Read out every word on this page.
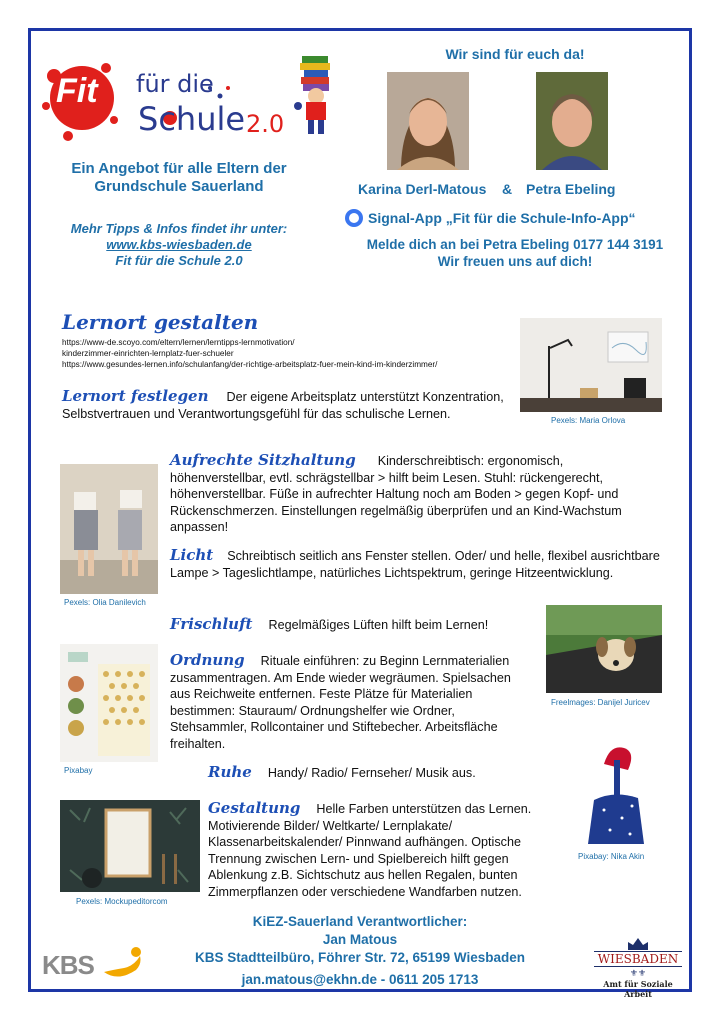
Fit für die
Schule 2.0
Ein Angebot für alle Eltern der
Grundschule Sauerland
Mehr Tipps & Infos findet ihr unter:
www.kbs-wiesbaden.de
Fit für die Schule 2.0
Wir sind für euch da!
Karina Derl-Matous & Petra Ebeling
Signal-App „Fit für die Schule-Info-App“
Melde dich an bei Petra Ebeling 0177 144 3191
Wir freuen uns auf dich!
Lernort gestalten
https://www-de.scoyo.com/eltern/lernen/lerntipps-lernmotivation/
kinderzimmer-einrichten-lernplatz-fuer-schueler
https://www.gesundes-lernen.info/schulanfang/der-richtige-arbeitsplatz-fuer-mein-kind-im-kinderzimmer/
Pexels: Maria Orlova
Lernort festlegen Der eigene Arbeitsplatz unterstützt Konzentration, Selbstvertrauen und Verantwortungsgefühl für das schulische Lernen.
Pexels: Olia Danilevich
Aufrechte Sitzhaltung Kinderschreibtisch: ergonomisch, höhenverstellbar, evtl. schrägstellbar > hilft beim Lesen. Stuhl: rückengerecht, höhenverstellbar. Füße in aufrechter Haltung noch am Boden > gegen Kopf- und Rückenschmerzen. Einstellungen regelmäßig überprüfen und an Kind-Wachstum anpassen!
Licht Schreibtisch seitlich ans Fenster stellen. Oder/ und helle, flexibel ausrichtbare Lampe > Tageslichtlampe, natürliches Lichtspektrum, geringe Hitzeentwicklung.
Frischluft Regelmäßiges Lüften hilft beim Lernen!
Freelmages: Danijel Juricev
Pixabay
Ordnung Rituale einführen: zu Beginn Lernmaterialien zusammentragen. Am Ende wieder wegräumen. Spielsachen aus Reichweite entfernen. Feste Plätze für Materialien bestimmen: Stauraum/ Ordnungshelfer wie Ordner, Stehsammler, Rollcontainer und Stiftebecher. Arbeitsfläche freihalten.
Ruhe Handy/ Radio/ Fernseher/ Musik aus.
Pixabay: Nika Akin
Pexels: Mockupeditorcom
Gestaltung Helle Farben unterstützen das Lernen. Motivierende Bilder/ Weltkarte/ Lernplakate/ Klassenarbeitskalender/ Pinnwand aufhängen. Optische Trennung zwischen Lern- und Spielbereich hilft gegen Ablenkung z.B. Sichtschutz aus hellen Regalen, bunten Zimmerpflanzen oder verschiedene Wandfarben nutzen.
KiEZ-Sauerland Verantwortlicher:
Jan Matous
KBS Stadtteilbüro, Föhrer Str. 72, 65199 Wiesbaden
jan.matous@ekhn.de - 0611 205 1713
KBS	WIESBADEN
⚜⚜
Amt für Soziale Arbeit
